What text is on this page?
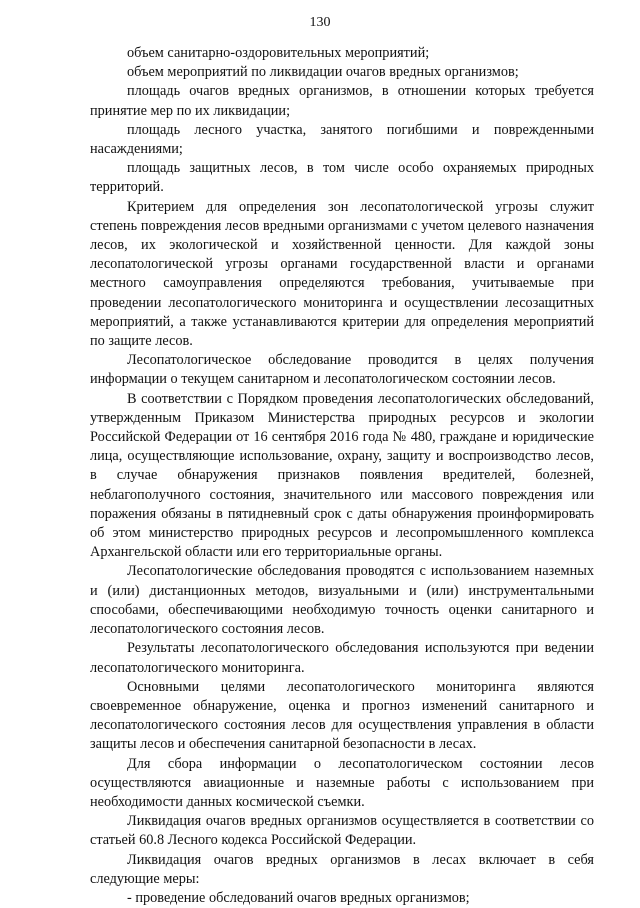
130

объем санитарно-оздоровительных мероприятий;

объем мероприятий по ликвидации очагов вредных организмов;

площадь очагов вредных организмов, в отношении которых требуется принятие мер по их ликвидации;

площадь лесного участка, занятого погибшими и поврежденными насаждениями;

площадь защитных лесов, в том числе особо охраняемых природных территорий.

Критерием для определения зон лесопатологической угрозы служит степень повреждения лесов вредными организмами с учетом целевого назначения лесов, их экологической и хозяйственной ценности. Для каждой зоны лесопатологической угрозы органами государственной власти и органами местного самоуправления определяются требования, учитываемые при проведении лесопатологического мониторинга и осуществлении лесозащитных мероприятий, а также устанавливаются критерии для определения мероприятий по защите лесов.

Лесопатологическое обследование проводится в целях получения информации о текущем санитарном и лесопатологическом состоянии лесов.

В соответствии с Порядком проведения лесопатологических обследований, утвержденным Приказом Министерства природных ресурсов и экологии Российской Федерации от 16 сентября 2016 года № 480, граждане и юридические лица, осуществляющие использование, охрану, защиту и воспроизводство лесов, в случае обнаружения признаков появления вредителей, болезней, неблагополучного состояния, значительного или массового повреждения или поражения обязаны в пятидневный срок с даты обнаружения проинформировать об этом министерство природных ресурсов и лесопромышленного комплекса Архангельской области или его территориальные органы.

Лесопатологические обследования проводятся с использованием наземных и (или) дистанционных методов, визуальными и (или) инструментальными способами, обеспечивающими необходимую точность оценки санитарного и лесопатологического состояния лесов.

Результаты лесопатологического обследования используются при ведении лесопатологического мониторинга.

Основными целями лесопатологического мониторинга являются своевременное обнаружение, оценка и прогноз изменений санитарного и лесопатологического состояния лесов для осуществления управления в области защиты лесов и обеспечения санитарной безопасности в лесах.

Для сбора информации о лесопатологическом состоянии лесов осуществляются авиационные и наземные работы с использованием при необходимости данных космической съемки.

Ликвидация очагов вредных организмов осуществляется в соответствии со статьей 60.8 Лесного кодекса Российской Федерации.

Ликвидация очагов вредных организмов в лесах включает в себя следующие меры:

- проведение обследований очагов вредных организмов;
